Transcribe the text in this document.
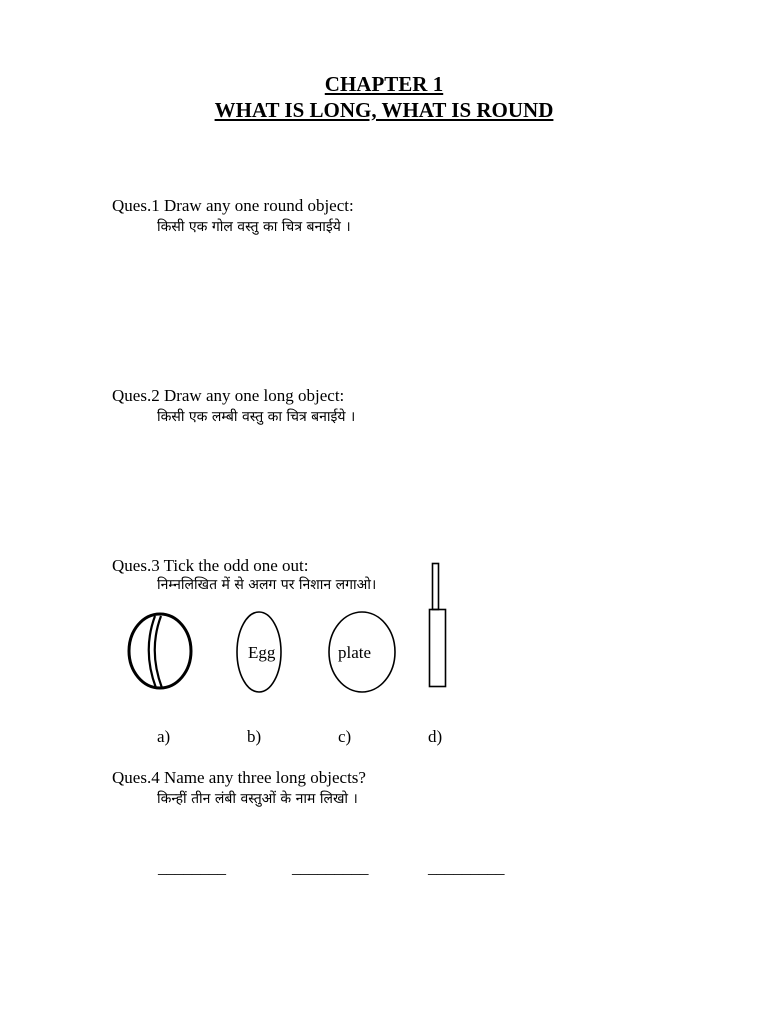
CHAPTER 1
WHAT IS LONG, WHAT IS ROUND
Ques.1 Draw any one round object:
किसी एक गोल वस्तु का चित्र बनाईये ।
Ques.2 Draw any one long object:
किसी एक लम्बी वस्तु का चित्र बनाईये ।
Ques.3 Tick the odd one out:
निम्नलिखित में से अलग पर निशान लगाओ।
Egg	plate
a)	b)	c)	d)
Ques.4 Name any three long objects?
किन्हीं तीन लंबी वस्तुओं के नाम लिखो ।
________	_________	_________
